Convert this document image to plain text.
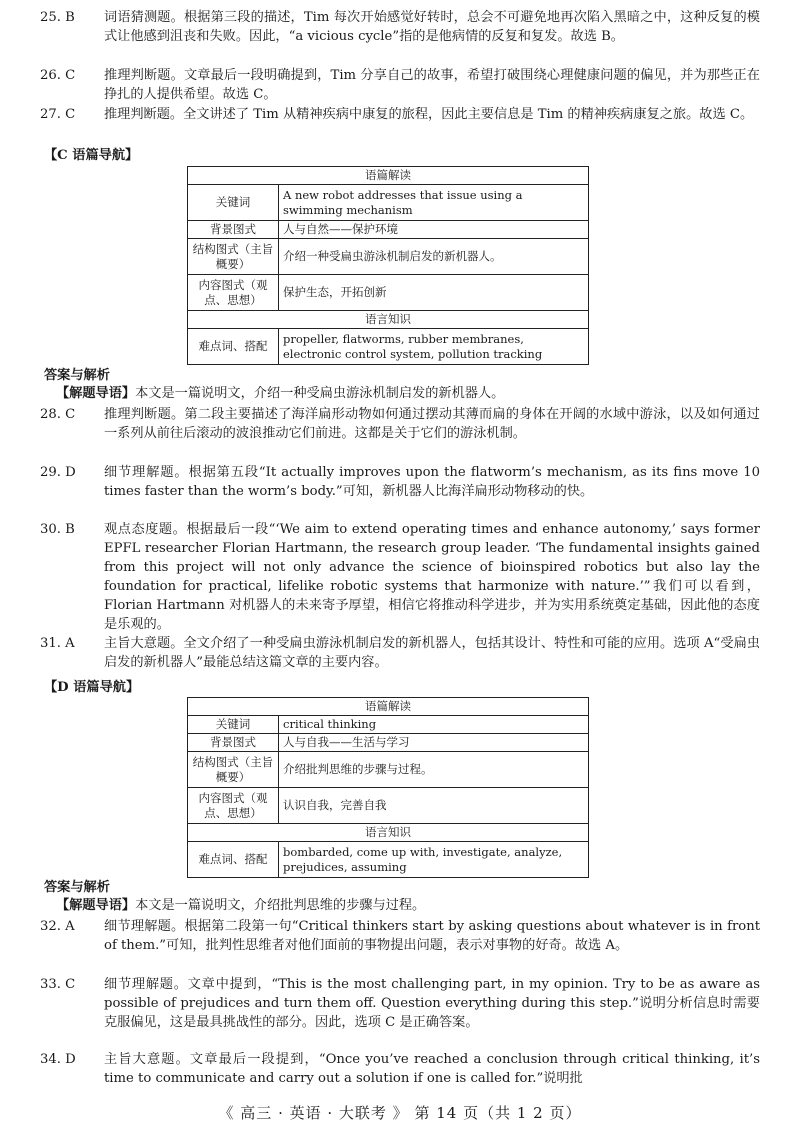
25. B	词语猜测题。根据第三段的描述，Tim 每次开始感觉好转时，总会不可避免地再次陷入黑暗之中，这种反复的模式让他感到沮丧和失败。因此，“a vicious cycle”指的是他病情的反复和复发。故选 B。
26. C	推理判断题。文章最后一段明确提到，Tim 分享自己的故事，希望打破围绕心理健康问题的偏见，并为那些正在挣扎的人提供希望。故选 C。
27. C	推理判断题。全文讲述了 Tim 从精神疾病中康复的旅程，因此主要信息是 Tim 的精神疾病康复之旅。故选 C。
【C 语篇导航】
语篇解读	
关键词	A new robot addresses that issue using a swimming mechanism
背景图式	人与自然——保护环境
结构图式（主旨概要）	介绍一种受扁虫游泳机制启发的新机器人。
内容图式（观点、思想）	保护生态，开拓创新
语言知识	
难点词、搭配	propeller, flatworms, rubber membranes, electronic control system, pollution tracking
答案与解析
【解题导语】本文是一篇说明文，介绍一种受扁虫游泳机制启发的新机器人。
28. C	推理判断题。第二段主要描述了海洋扁形动物如何通过摆动其薄而扁的身体在开阔的水域中游泳，以及如何通过一系列从前往后滚动的波浪推动它们前进。这都是关于它们的游泳机制。
29. D	细节理解题。根据第五段“It actually improves upon the flatworm’s mechanism, as its fins move 10 times faster than the worm’s body.”可知，新机器人比海洋扁形动物移动的快。
30. B	观点态度题。根据最后一段“‘We aim to extend operating times and enhance autonomy,’ says former EPFL researcher Florian Hartmann, the research group leader. ‘The fundamental insights gained from this project will not only advance the science of bioinspired robotics but also lay the foundation for practical, lifelike robotic systems that harmonize with nature.’”我们可以看到，Florian Hartmann 对机器人的未来寄予厚望，相信它将推动科学进步，并为实用系统奠定基础，因此他的态度是乐观的。
31. A	主旨大意题。全文介绍了一种受扁虫游泳机制启发的新机器人，包括其设计、特性和可能的应用。选项 A“受扁虫启发的新机器人”最能总结这篇文章的主要内容。
【D 语篇导航】
语篇解读	
关键词	critical thinking
背景图式	人与自我——生活与学习
结构图式（主旨概要）	介绍批判思维的步骤与过程。
内容图式（观点、思想）	认识自我，完善自我
语言知识	
难点词、搭配	bombarded, come up with, investigate, analyze, prejudices, assuming
答案与解析
【解题导语】本文是一篇说明文，介绍批判思维的步骤与过程。
32. A	细节理解题。根据第二段第一句“Critical thinkers start by asking questions about whatever is in front of them.”可知，批判性思维者对他们面前的事物提出问题，表示对事物的好奇。故选 A。
33. C	细节理解题。文章中提到，“This is the most challenging part, in my opinion. Try to be as aware as possible of prejudices and turn them off. Question everything during this step.”说明分析信息时需要克服偏见，这是最具挑战性的部分。因此，选项 C 是正确答案。
34. D	主旨大意题。文章最后一段提到，“Once you’ve reached a conclusion through critical thinking, it’s time to communicate and carry out a solution if one is called for.”说明批
《 高三 · 英语 · 大联考 》 第 14 页（共 1 2 页）
